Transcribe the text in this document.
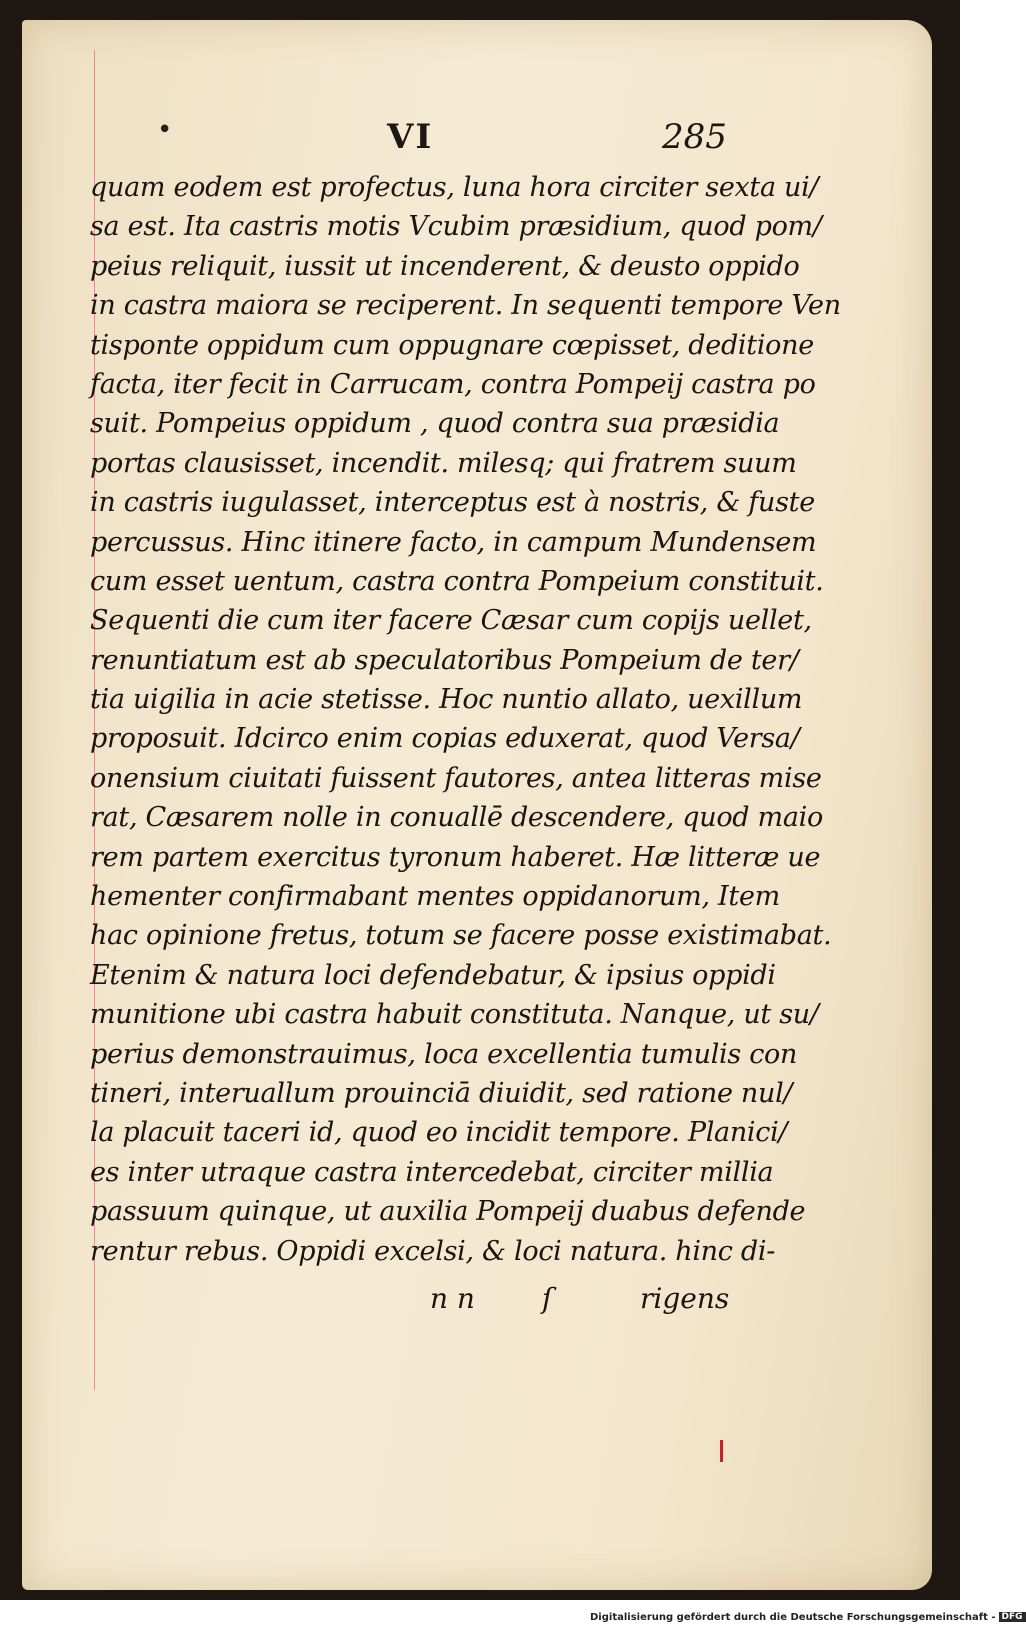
•	VI	285
quam eodem est profectus, luna hora circiter sexta ui/
sa est. Ita castris motis Vcubim præsidium, quod pom/
peius reliquit, iussit ut incenderent, & deusto oppido
in castra maiora se reciperent. In sequenti tempore Ven
tisponte oppidum cum oppugnare cœpisset, deditione
facta, iter fecit in Carrucam, contra Pompeij castra po
suit. Pompeius oppidum , quod contra sua præsidia
portas clausisset, incendit. milesq; qui fratrem suum
in castris iugulasset, interceptus est à nostris, & fuste
percussus. Hinc itinere facto, in campum Mundensem
cum esset uentum, castra contra Pompeium constituit.
Sequenti die cum iter facere Cæsar cum copijs uellet,
renuntiatum est ab speculatoribus Pompeium de ter/
tia uigilia in acie stetisse. Hoc nuntio allato, uexillum
proposuit. Idcirco enim copias eduxerat, quod Versa/
onensium ciuitati fuissent fautores, antea litteras mise
rat, Cæsarem nolle in conuallē descendere, quod maio
rem partem exercitus tyronum haberet. Hæ litteræ ue
hementer confirmabant mentes oppidanorum, Item
hac opinione fretus, totum se facere posse existimabat.
Etenim & natura loci defendebatur, & ipsius oppidi
munitione ubi castra habuit constituta. Nanque, ut su/
perius demonstrauimus, loca excellentia tumulis con
tineri, interuallum prouinciā diuidit, sed ratione nul/
la placuit taceri id, quod eo incidit tempore. Planici/
es inter utraque castra intercedebat, circiter millia
passuum quinque, ut auxilia Pompeij duabus defende
rentur rebus. Oppidi excelsi, & loci natura. hinc di-
n n ſ	rigens
Digitalisierung gefördert durch die Deutsche Forschungsgemeinschaft - DFG
